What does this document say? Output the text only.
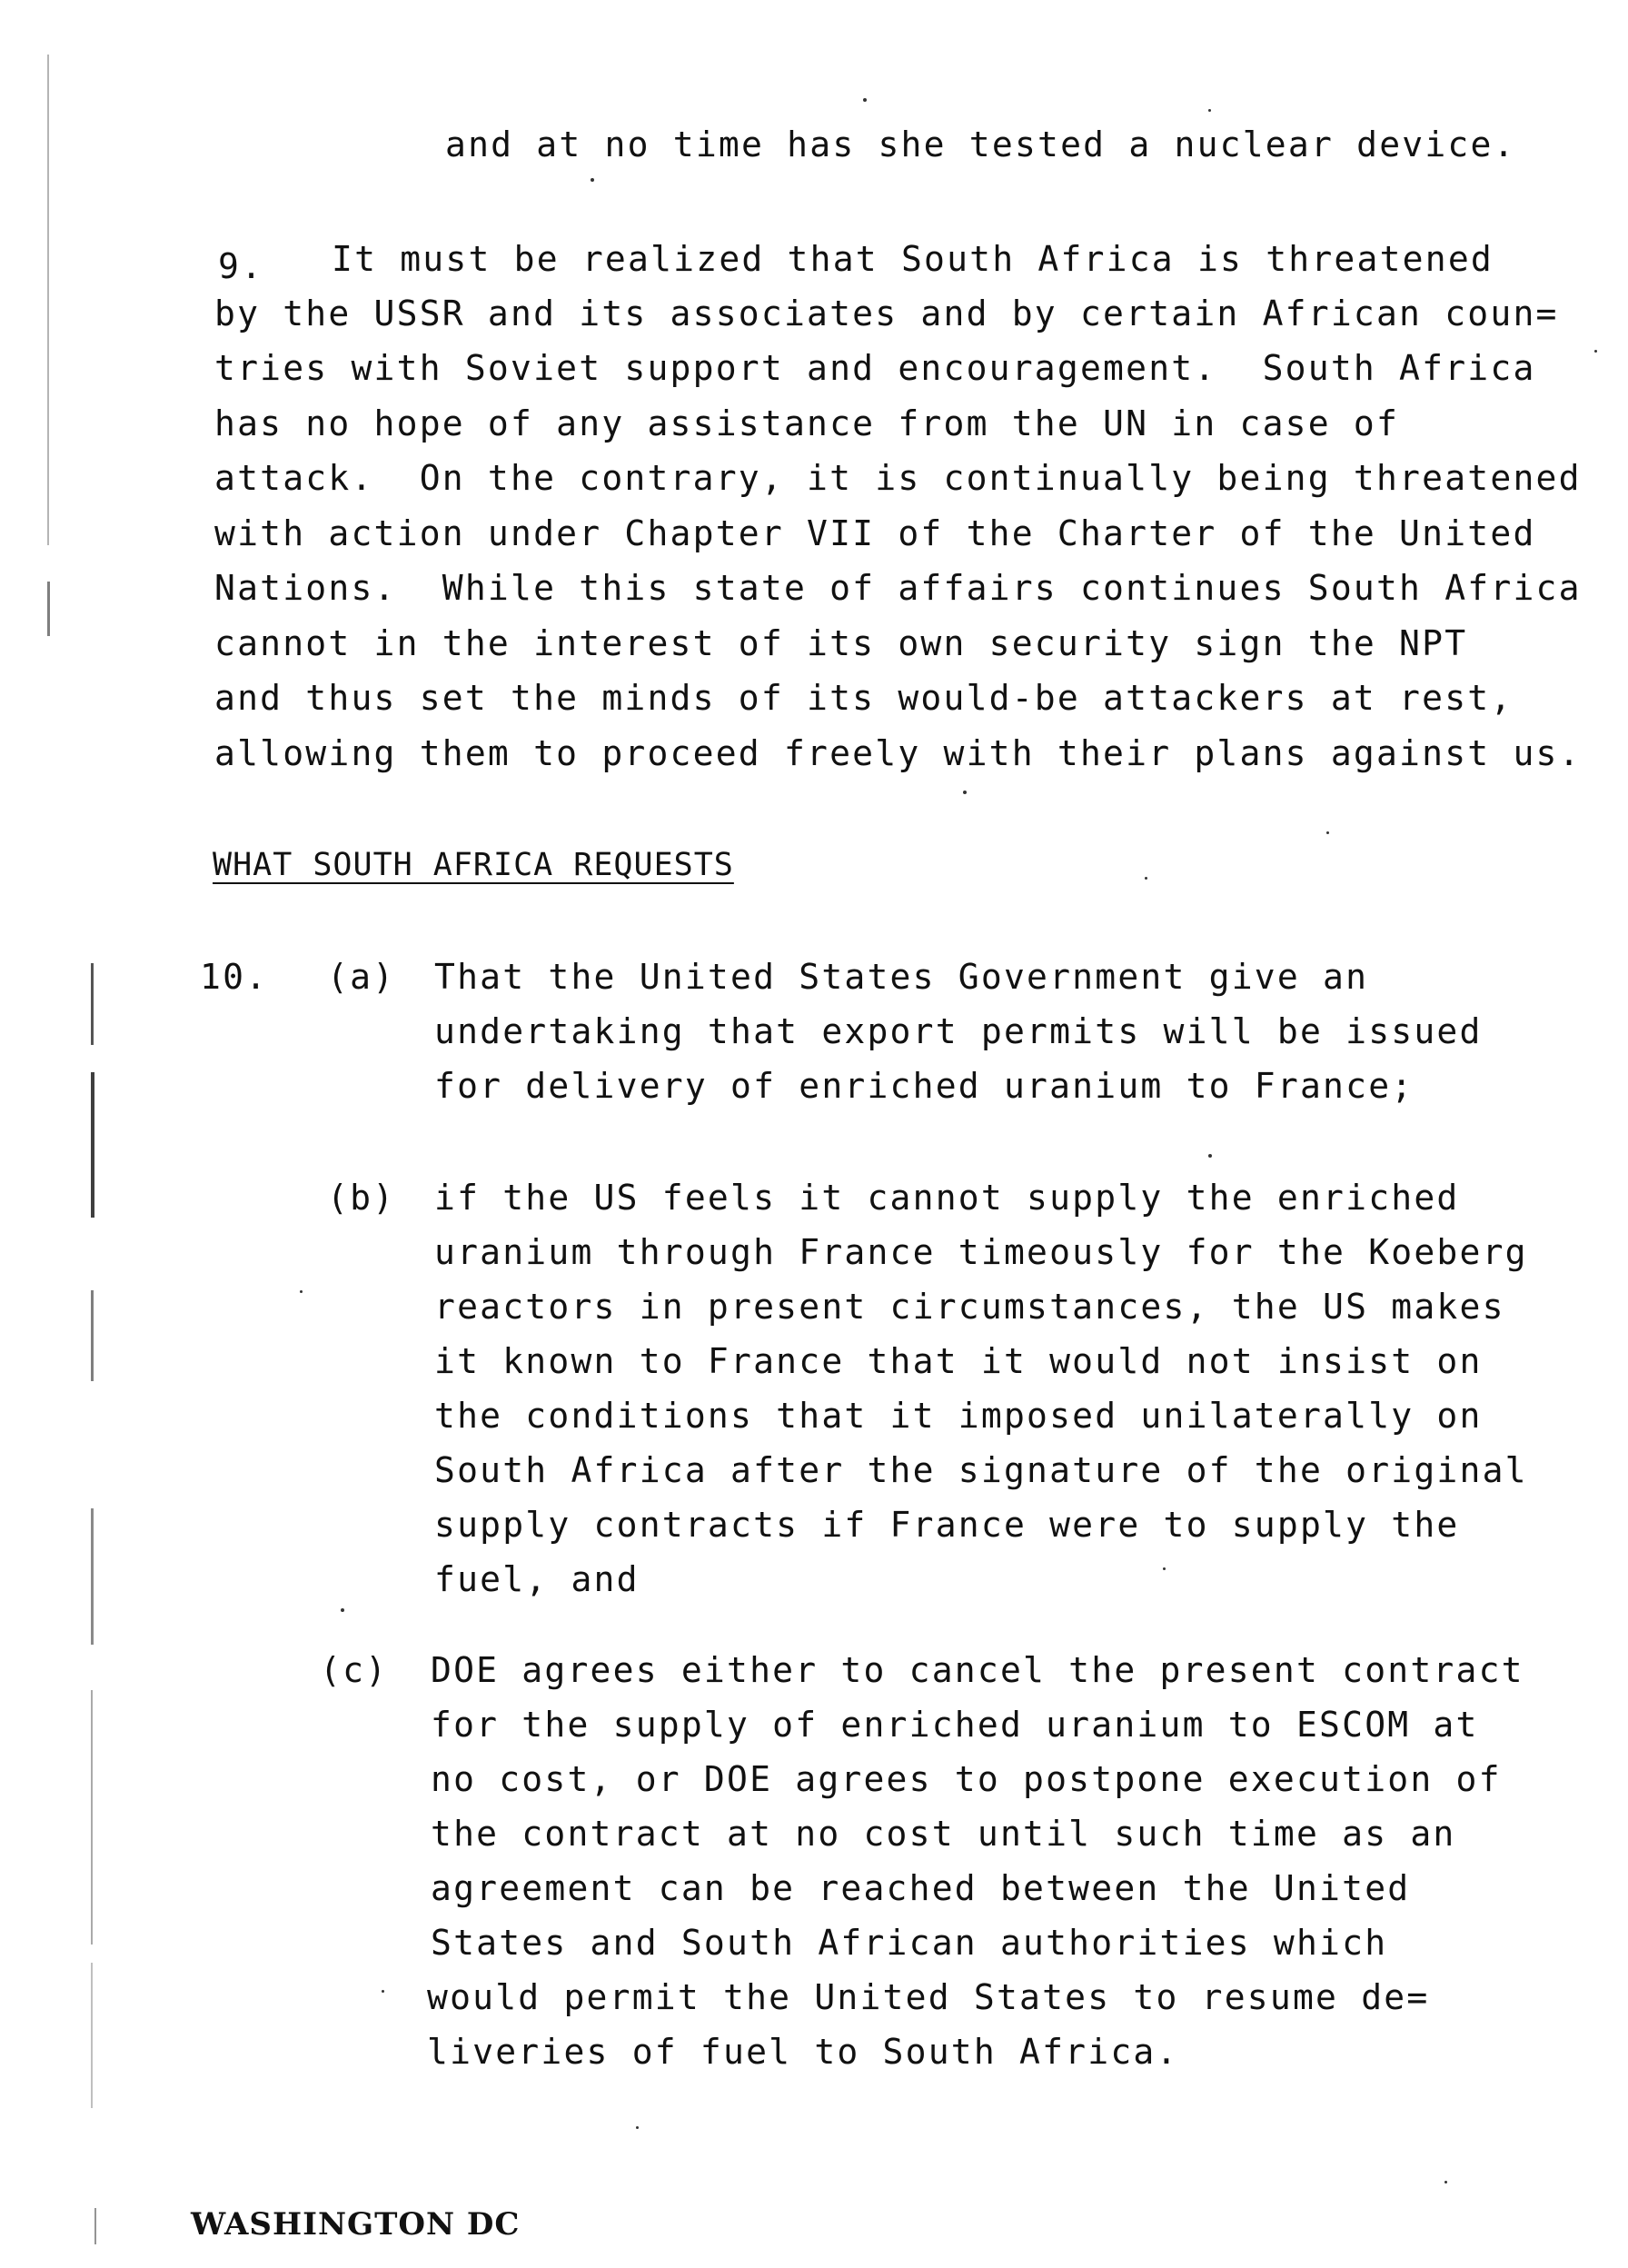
and at no time has she tested a nuclear device.
9. It must be realized that South Africa is threatened
by the USSR and its associates and by certain African coun=
tries with Soviet support and encouragement.  South Africa
has no hope of any assistance from the UN in case of
attack.  On the contrary, it is continually being threatened
with action under Chapter VII of the Charter of the United
Nations.  While this state of affairs continues South Africa
cannot in the interest of its own security sign the NPT
and thus set the minds of its would-be attackers at rest,
allowing them to proceed freely with their plans against us.
WHAT SOUTH AFRICA REQUESTS
10. (a) That the United States Government give an
undertaking that export permits will be issued
for delivery of enriched uranium to France;
(b) if the US feels it cannot supply the enriched
uranium through France timeously for the Koeberg
reactors in present circumstances, the US makes
it known to France that it would not insist on
the conditions that it imposed unilaterally on
South Africa after the signature of the original
supply contracts if France were to supply the
fuel, and
(c) DOE agrees either to cancel the present contract
for the supply of enriched uranium to ESCOM at
no cost, or DOE agrees to postpone execution of
the contract at no cost until such time as an
agreement can be reached between the United
States and South African authorities which
would permit the United States to resume de=
liveries of fuel to South Africa.
WASHINGTON DC
